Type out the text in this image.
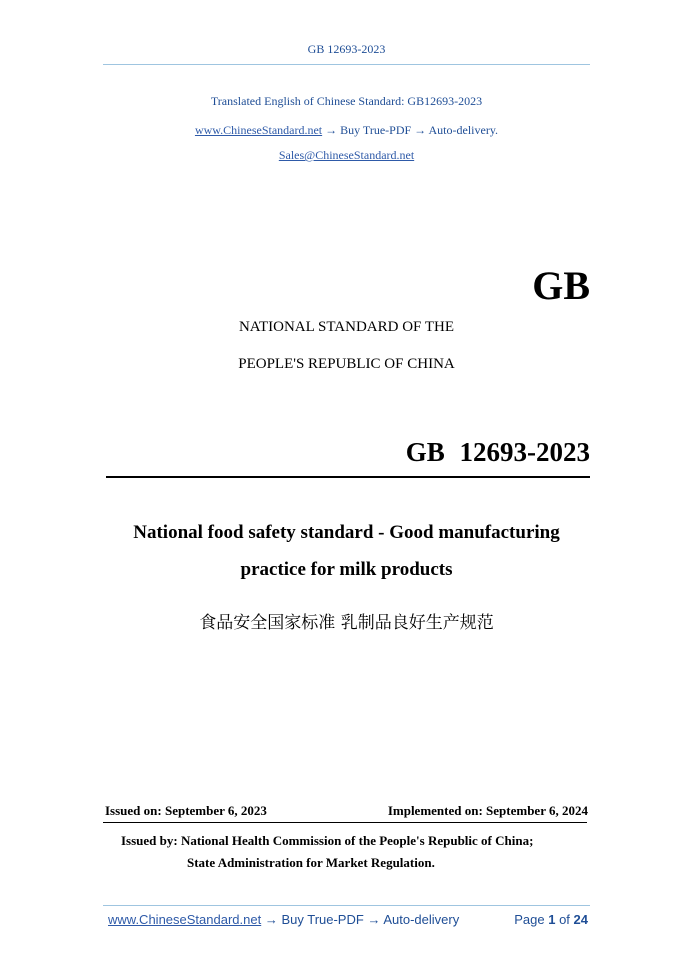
GB 12693-2023
Translated English of Chinese Standard: GB12693-2023
www.ChineseStandard.net → Buy True-PDF → Auto-delivery.
Sales@ChineseStandard.net
GB
NATIONAL STANDARD OF THE
PEOPLE'S REPUBLIC OF CHINA
GB 12693-2023
National food safety standard - Good manufacturing
practice for milk products
食品安全国家标准 乳制品良好生产规范
Issued on: September 6, 2023	Implemented on: September 6, 2024
Issued by: National Health Commission of the People's Republic of China;
State Administration for Market Regulation.
www.ChineseStandard.net → Buy True-PDF → Auto-delivery	Page 1 of 24
